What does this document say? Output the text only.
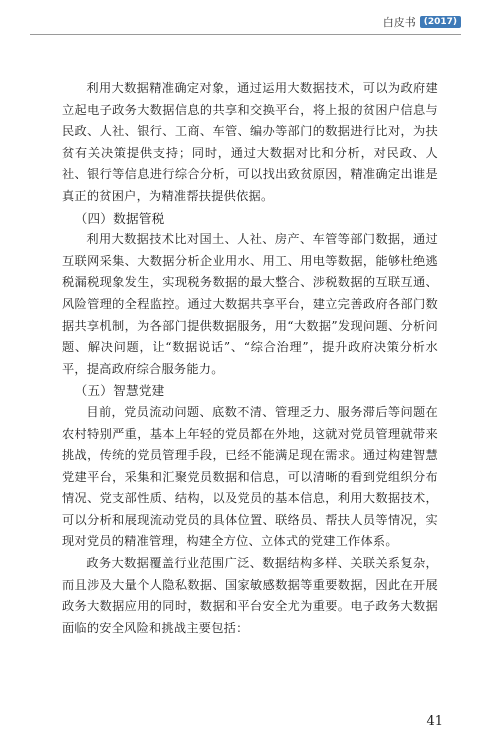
白皮书 (2017)

利用大数据精准确定对象，通过运用大数据技术，可以为政府建立起电子政务大数据信息的共享和交换平台，将上报的贫困户信息与民政、人社、银行、工商、车管、编办等部门的数据进行比对，为扶贫有关决策提供支持；同时，通过大数据对比和分析，对民政、人社、银行等信息进行综合分析，可以找出致贫原因，精准确定出谁是真正的贫困户，为精准帮扶提供依据。

（四）数据管税

利用大数据技术比对国土、人社、房产、车管等部门数据，通过互联网采集、大数据分析企业用水、用工、用电等数据，能够杜绝逃税漏税现象发生，实现税务数据的最大整合、涉税数据的互联互通、风险管理的全程监控。通过大数据共享平台，建立完善政府各部门数据共享机制，为各部门提供数据服务，用“大数据”发现问题、分析问题、解决问题，让“数据说话”、“综合治理”，提升政府决策分析水平，提高政府综合服务能力。

（五）智慧党建

目前，党员流动问题、底数不清、管理乏力、服务滞后等问题在农村特别严重，基本上年轻的党员都在外地，这就对党员管理就带来挑战，传统的党员管理手段，已经不能满足现在需求。通过构建智慧党建平台，采集和汇聚党员数据和信息，可以清晰的看到党组织分布情况、党支部性质、结构，以及党员的基本信息，利用大数据技术，可以分析和展现流动党员的具体位置、联络员、帮扶人员等情况，实现对党员的精准管理，构建全方位、立体式的党建工作体系。

政务大数据覆盖行业范围广泛、数据结构多样、关联关系复杂，而且涉及大量个人隐私数据、国家敏感数据等重要数据，因此在开展政务大数据应用的同时，数据和平台安全尤为重要。电子政务大数据面临的安全风险和挑战主要包括：

41
